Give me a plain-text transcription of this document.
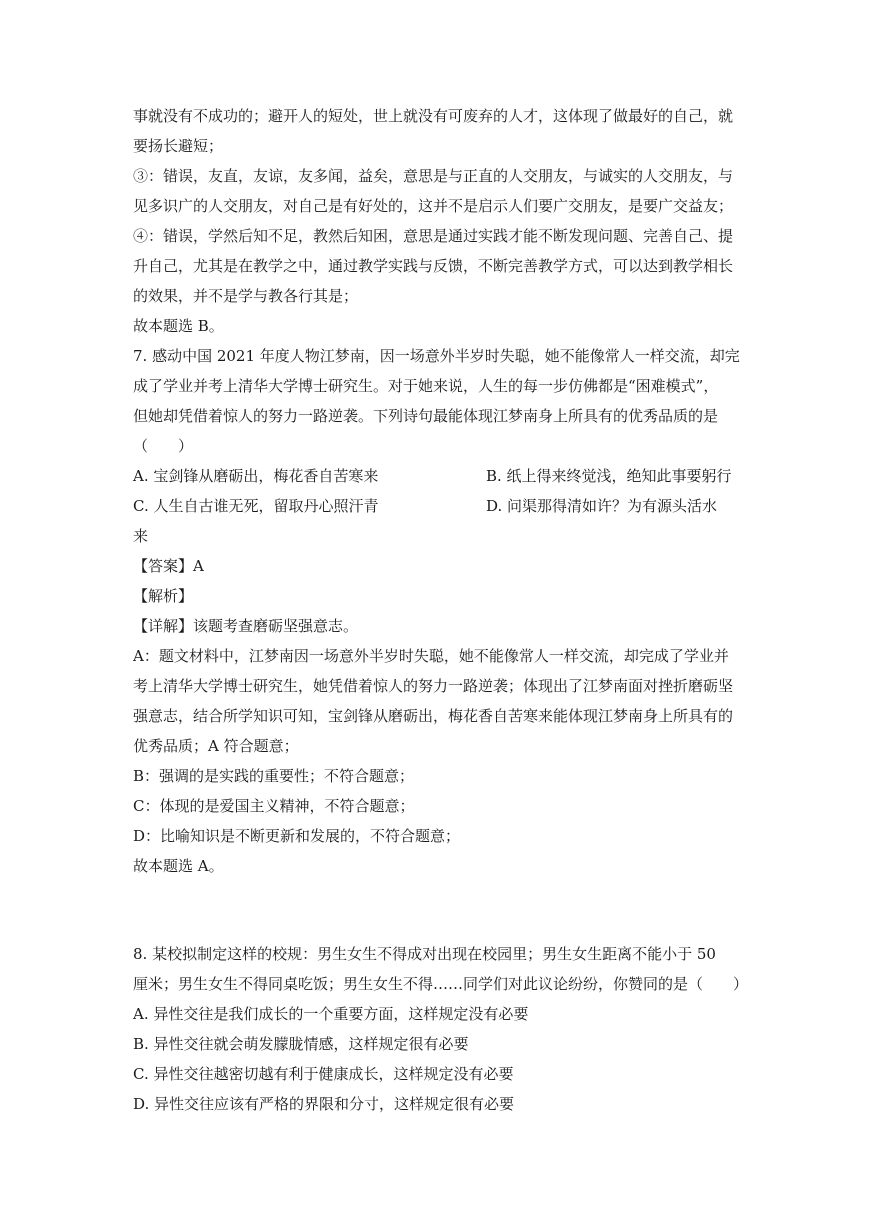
事就没有不成功的；避开人的短处，世上就没有可废弃的人才，这体现了做最好的自己，就
要扬长避短；
③：错误，友直，友谅，友多闻，益矣，意思是与正直的人交朋友，与诚实的人交朋友，与
见多识广的人交朋友，对自己是有好处的，这并不是启示人们要广交朋友，是要广交益友；
④：错误，学然后知不足，教然后知困，意思是通过实践才能不断发现问题、完善自己、提
升自己，尤其是在教学之中，通过教学实践与反馈，不断完善教学方式，可以达到教学相长
的效果，并不是学与教各行其是；
故本题选 B。
7. 感动中国 2021 年度人物江梦南，因一场意外半岁时失聪，她不能像常人一样交流，却完
成了学业并考上清华大学博士研究生。对于她来说，人生的每一步仿佛都是“困难模式”，
但她却凭借着惊人的努力一路逆袭。下列诗句最能体现江梦南身上所具有的优秀品质的是
（　　）
A. 宝剑锋从磨砺出，梅花香自苦寒来	B. 纸上得来终觉浅，绝知此事要躬行
C. 人生自古谁无死，留取丹心照汗青	D. 问渠那得清如许？为有源头活水
来
【答案】A
【解析】
【详解】该题考查磨砺坚强意志。
A：题文材料中，江梦南因一场意外半岁时失聪，她不能像常人一样交流，却完成了学业并
考上清华大学博士研究生，她凭借着惊人的努力一路逆袭；体现出了江梦南面对挫折磨砺坚
强意志，结合所学知识可知，宝剑锋从磨砺出，梅花香自苦寒来能体现江梦南身上所具有的
优秀品质；A 符合题意；
B：强调的是实践的重要性；不符合题意；
C：体现的是爱国主义精神，不符合题意；
D：比喻知识是不断更新和发展的，不符合题意；
故本题选 A。
8. 某校拟制定这样的校规：男生女生不得成对出现在校园里；男生女生距离不能小于 50
厘米；男生女生不得同桌吃饭；男生女生不得……同学们对此议论纷纷，你赞同的是（　　）
A. 异性交往是我们成长的一个重要方面，这样规定没有必要
B. 异性交往就会萌发朦胧情感，这样规定很有必要
C. 异性交往越密切越有利于健康成长，这样规定没有必要
D. 异性交往应该有严格的界限和分寸，这样规定很有必要
